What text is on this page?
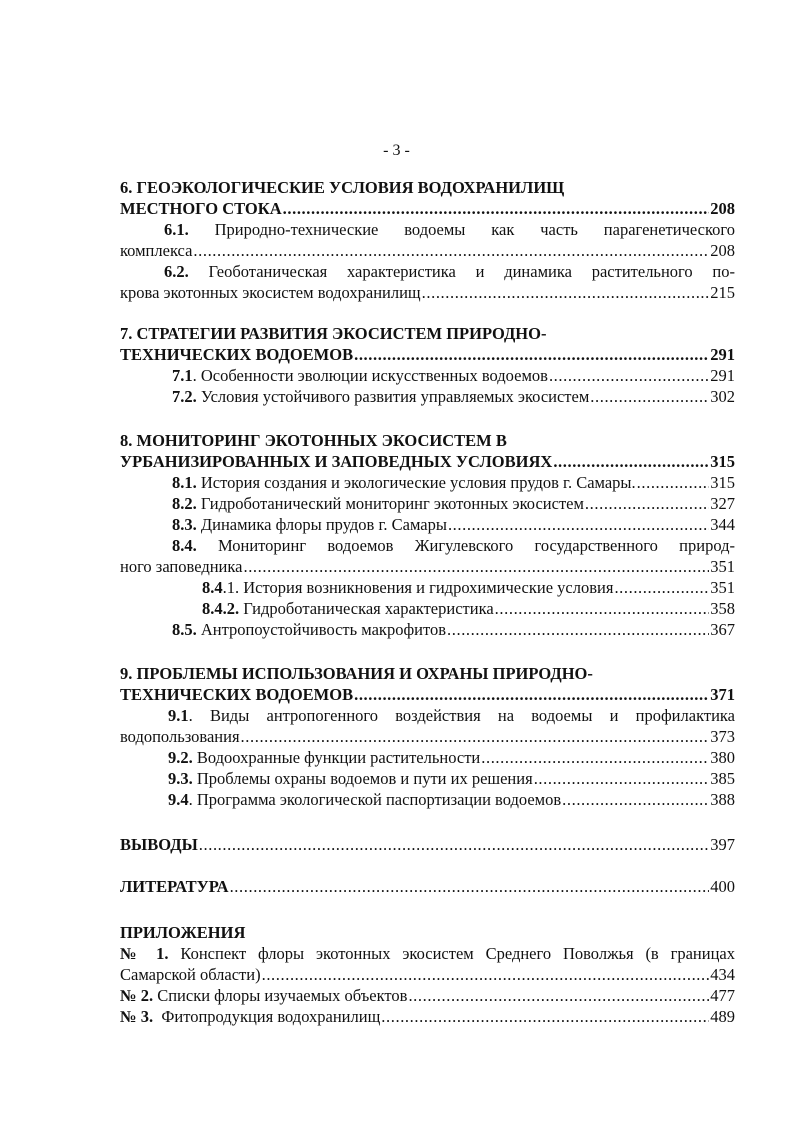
- 3 -
6. ГЕОЭКОЛОГИЧЕСКИЕ УСЛОВИЯ ВОДОХРАНИЛИЩ
МЕСТНОГО СТОКА .....	208
6.1. Природно-технические водоемы как часть парагенетического
комплекса .....	208
6.2. Геоботаническая характеристика и динамика растительного по-
крова экотонных экосистем водохранилищ .....	215
7. СТРАТЕГИИ РАЗВИТИЯ ЭКОСИСТЕМ ПРИРОДНО-
ТЕХНИЧЕСКИХ ВОДОЕМОВ .....	291
7.1. Особенности эволюции искусственных водоемов .....	291
7.2. Условия устойчивого развития управляемых экосистем .....	302
8. МОНИТОРИНГ ЭКОТОННЫХ ЭКОСИСТЕМ В
УРБАНИЗИРОВАННЫХ И ЗАПОВЕДНЫХ УСЛОВИЯХ .....	315
8.1. История создания и экологические условия прудов г. Самары. .....	315
8.2. Гидроботанический мониторинг экотонных экосистем .....	327
8.3. Динамика флоры прудов г. Самары .....	344
8.4. Мониторинг водоемов Жигулевского государственного природ-
ного заповедника .....	351
8.4.1. История возникновения и гидрохимические условия .....	351
8.4.2. Гидроботаническая характеристика .....	358
8.5. Антропоустойчивость макрофитов .....	367
9. ПРОБЛЕМЫ ИСПОЛЬЗОВАНИЯ И ОХРАНЫ ПРИРОДНО-
ТЕХНИЧЕСКИХ ВОДОЕМОВ .....	371
9.1. Виды антропогенного воздействия на водоемы и профилактика
водопользования .....	373
9.2. Водоохранные функции растительности .....	380
9.3. Проблемы охраны водоемов и пути их решения .....	385
9.4. Программа экологической паспортизации водоемов .....	388
ВЫВОДЫ .....	397
ЛИТЕРАТУРА .....	400
ПРИЛОЖЕНИЯ
№ 1. Конспект флоры экотонных экосистем Среднего Поволжья (в границах
Самарской области) .....	434
№ 2. Списки флоры изучаемых объектов .....	477
№ 3.  Фитопродукция водохранилищ .....	489
